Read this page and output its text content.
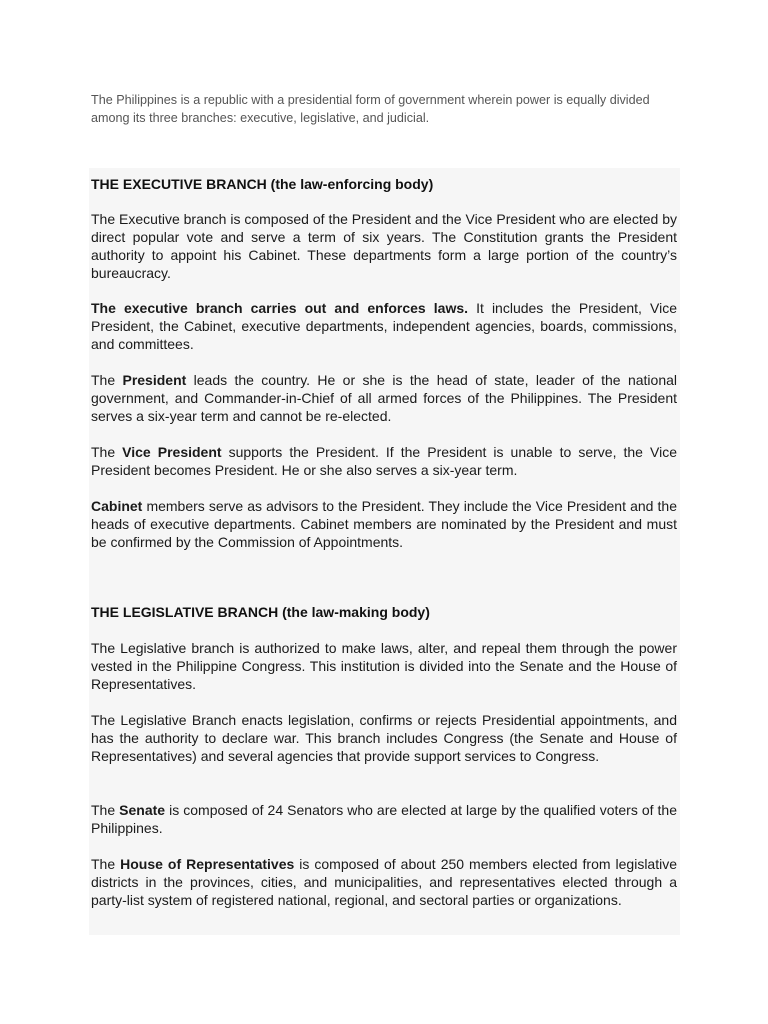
The Philippines is a republic with a presidential form of government wherein power is equally divided among its three branches: executive, legislative, and judicial.

THE EXECUTIVE BRANCH (the law-enforcing body)

The Executive branch is composed of the President and the Vice President who are elected by direct popular vote and serve a term of six years. The Constitution grants the President authority to appoint his Cabinet. These departments form a large portion of the country’s bureaucracy.

The executive branch carries out and enforces laws. It includes the President, Vice President, the Cabinet, executive departments, independent agencies, boards, commissions, and committees.

The President leads the country. He or she is the head of state, leader of the national government, and Commander-in-Chief of all armed forces of the Philippines. The President serves a six-year term and cannot be re-elected.

The Vice President supports the President. If the President is unable to serve, the Vice President becomes President. He or she also serves a six-year term.

Cabinet members serve as advisors to the President. They include the Vice President and the heads of executive departments. Cabinet members are nominated by the President and must be confirmed by the Commission of Appointments.

THE LEGISLATIVE BRANCH (the law-making body)

The Legislative branch is authorized to make laws, alter, and repeal them through the power vested in the Philippine Congress. This institution is divided into the Senate and the House of Representatives.

The Legislative Branch enacts legislation, confirms or rejects Presidential appointments, and has the authority to declare war. This branch includes Congress (the Senate and House of Representatives) and several agencies that provide support services to Congress.

The Senate is composed of 24 Senators who are elected at large by the qualified voters of the Philippines.

The House of Representatives is composed of about 250 members elected from legislative districts in the provinces, cities, and municipalities, and representatives elected through a party-list system of registered national, regional, and sectoral parties or organizations.
